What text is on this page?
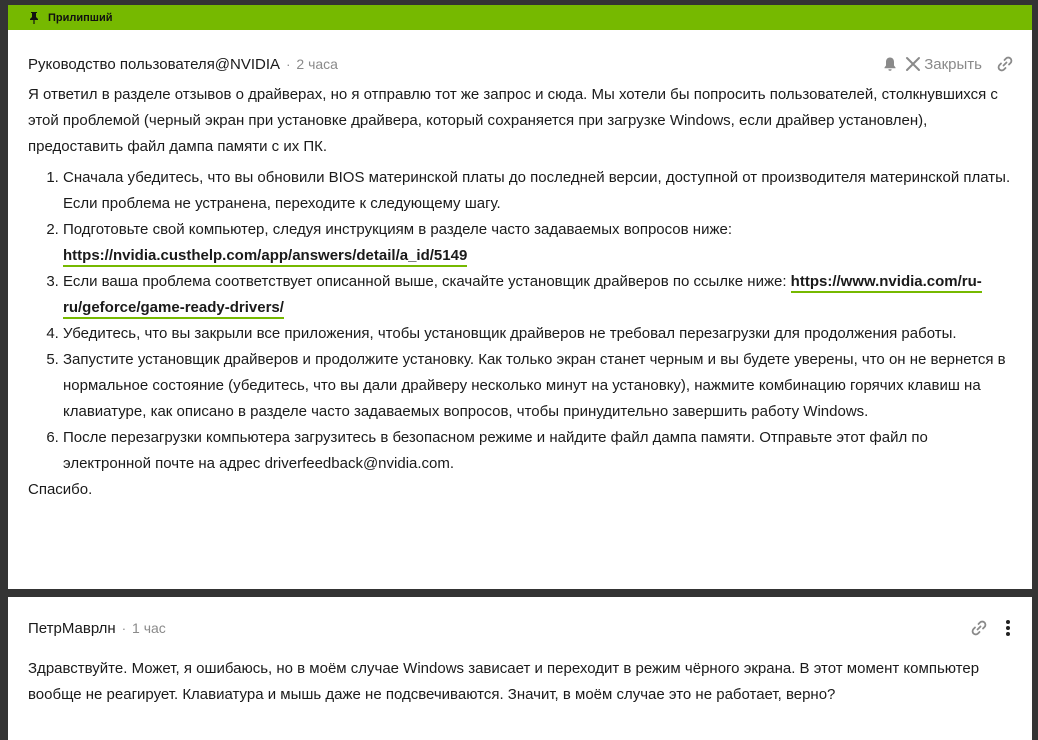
Прилипший
Руководство пользователя@NVIDIA · 2 часа	Закрыть

Я ответил в разделе отзывов о драйверах, но я отправлю тот же запрос и сюда. Мы хотели бы попросить пользователей, столкнувшихся с этой проблемой (черный экран при установке драйвера, который сохраняется при загрузке Windows, если драйвер установлен), предоставить файл дампа памяти с их ПК.

1. Сначала убедитесь, что вы обновили BIOS материнской платы до последней версии, доступной от производителя материнской платы. Если проблема не устранена, переходите к следующему шагу.
2. Подготовьте свой компьютер, следуя инструкциям в разделе часто задаваемых вопросов ниже: https://nvidia.custhelp.com/app/answers/detail/a_id/5149
3. Если ваша проблема соответствует описанной выше, скачайте установщик драйверов по ссылке ниже: https://www.nvidia.com/ru-ru/geforce/game-ready-drivers/
4. Убедитесь, что вы закрыли все приложения, чтобы установщик драйверов не требовал перезагрузки для продолжения работы.
5. Запустите установщик драйверов и продолжите установку. Как только экран станет черным и вы будете уверены, что он не вернется в нормальное состояние (убедитесь, что вы дали драйверу несколько минут на установку), нажмите комбинацию горячих клавиш на клавиатуре, как описано в разделе часто задаваемых вопросов, чтобы принудительно завершить работу Windows.
6. После перезагрузки компьютера загрузитесь в безопасном режиме и найдите файл дампа памяти. Отправьте этот файл по электронной почте на адрес driverfeedback@nvidia.com.

Спасибо.

ПетрМаврлн · 1 час

Здравствуйте. Может, я ошибаюсь, но в моём случае Windows зависает и переходит в режим чёрного экрана. В этот момент компьютер вообще не реагирует. Клавиатура и мышь даже не подсвечиваются. Значит, в моём случае это не работает, верно?
